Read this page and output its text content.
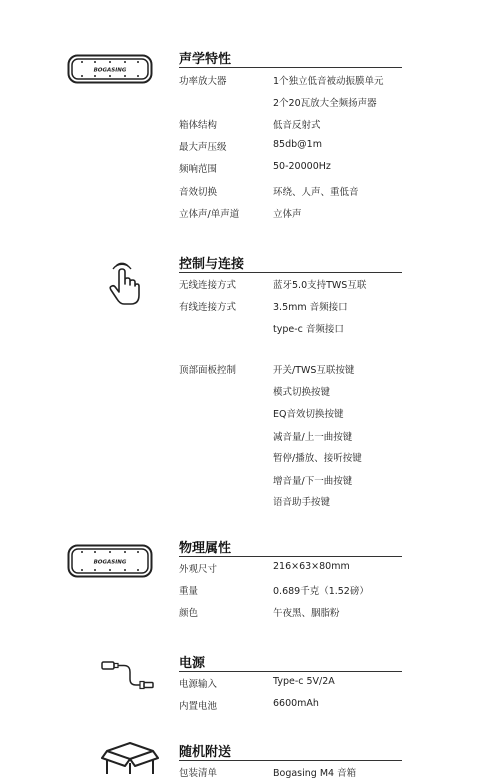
BOGASING
声学特性
功率放大器	1个独立低音被动振膜单元
2个20瓦放大全频扬声器
箱体结构	低音反射式
最大声压级	85db@1m
频响范围	50-20000Hz
音效切换	环绕、人声、重低音
立体声/单声道	立体声
控制与连接
无线连接方式	蓝牙5.0支持TWS互联
有线连接方式	3.5mm 音频接口
type-c 音频接口
顶部面板控制	开关/TWS互联按键
模式切换按键
EQ音效切换按键
减音量/上一曲按键
暂停/播放、接听按键
增音量/下一曲按键
语音助手按键
BOGASING
物理属性
外观尺寸	216×63×80mm
重量	0.689千克（1.52磅）
颜色	午夜黑、胭脂粉
电源
电源输入	Type-c 5V/2A
内置电池	6600mAh
随机附送
包装清单	Bogasing M4 音箱
